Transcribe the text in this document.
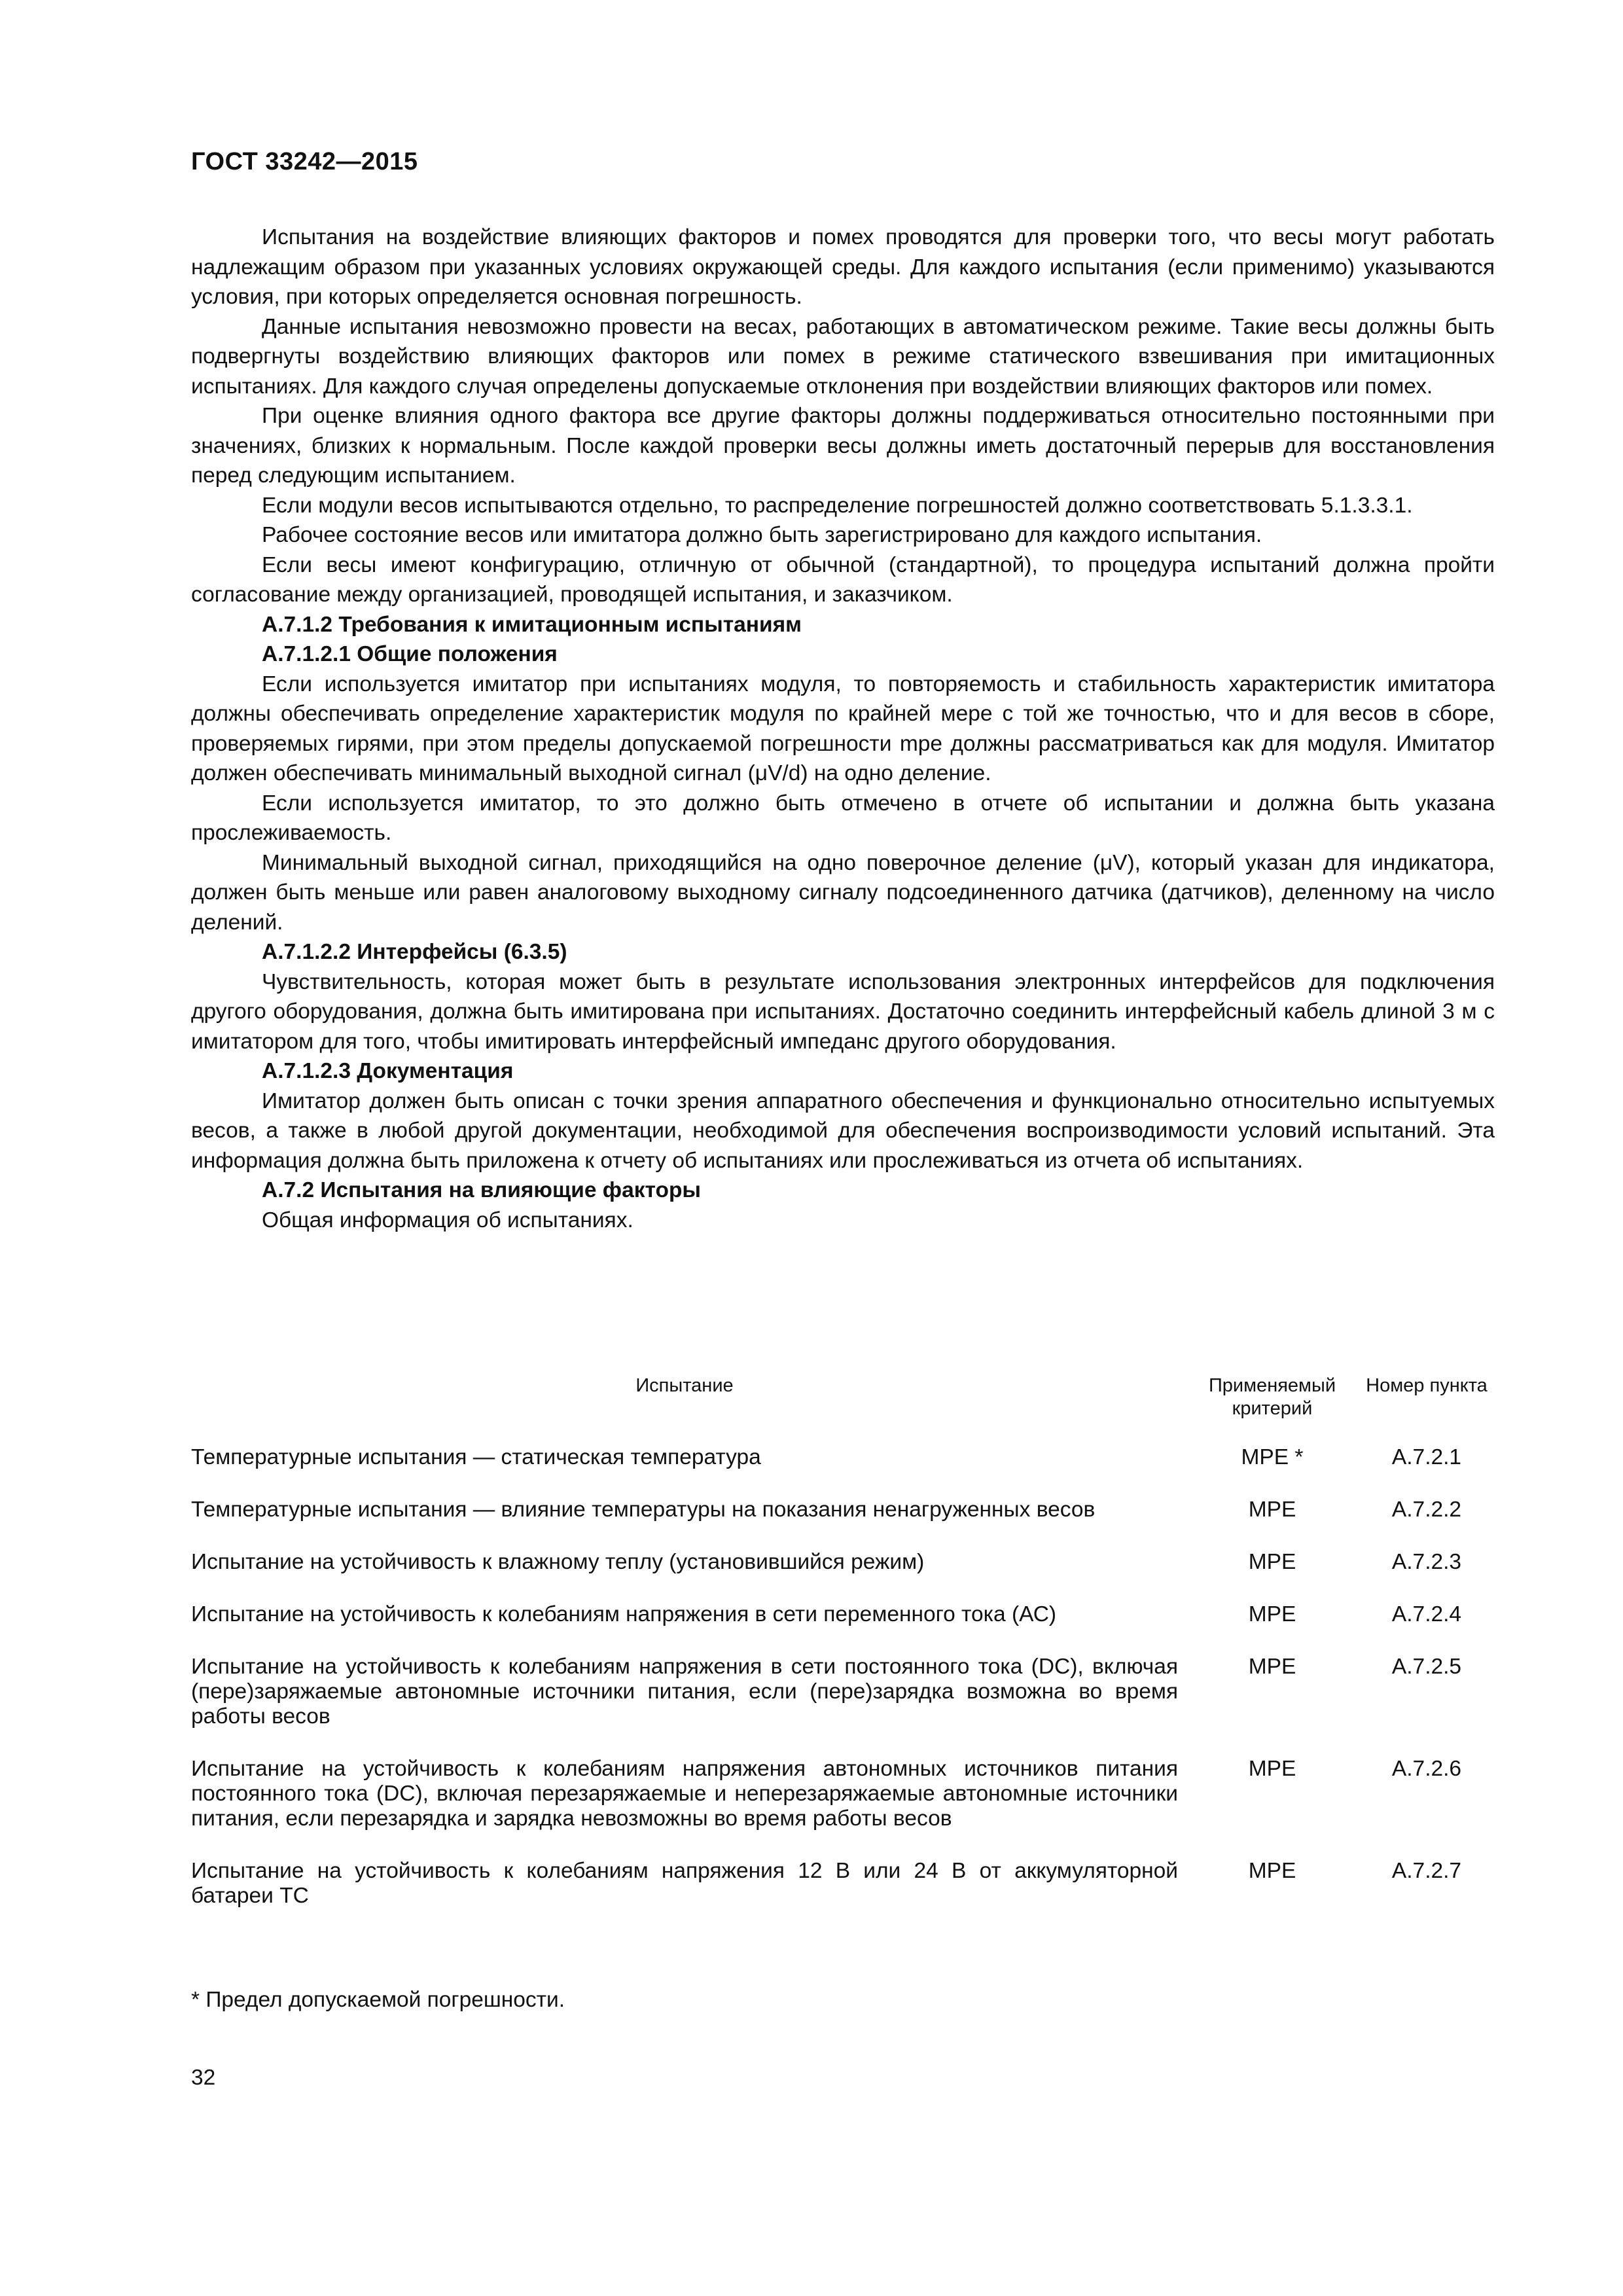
ГОСТ 33242—2015

Испытания на воздействие влияющих факторов и помех проводятся для проверки того, что весы могут работать надлежащим образом при указанных условиях окружающей среды. Для каждого испытания (если применимо) указываются условия, при которых определяется основная погрешность.

Данные испытания невозможно провести на весах, работающих в автоматическом режиме. Такие весы должны быть подвергнуты воздействию влияющих факторов или помех в режиме статического взвешивания при имитационных испытаниях. Для каждого случая определены допускаемые отклонения при воздействии влияющих факторов или помех.

При оценке влияния одного фактора все другие факторы должны поддерживаться относительно постоянными при значениях, близких к нормальным. После каждой проверки весы должны иметь достаточный перерыв для восстановления перед следующим испытанием.

Если модули весов испытываются отдельно, то распределение погрешностей должно соответствовать 5.1.3.3.1.

Рабочее состояние весов или имитатора должно быть зарегистрировано для каждого испытания.

Если весы имеют конфигурацию, отличную от обычной (стандартной), то процедура испытаний должна пройти согласование между организацией, проводящей испытания, и заказчиком.

А.7.1.2 Требования к имитационным испытаниям
А.7.1.2.1 Общие положения

Если используется имитатор при испытаниях модуля, то повторяемость и стабильность характеристик имитатора должны обеспечивать определение характеристик модуля по крайней мере с той же точностью, что и для весов в сборе, проверяемых гирями, при этом пределы допускаемой погрешности mpe должны рассматриваться как для модуля. Имитатор должен обеспечивать минимальный выходной сигнал (μV/d) на одно деление.

Если используется имитатор, то это должно быть отмечено в отчете об испытании и должна быть указана прослеживаемость.

Минимальный выходной сигнал, приходящийся на одно поверочное деление (μV), который указан для индикатора, должен быть меньше или равен аналоговому выходному сигналу подсоединенного датчика (датчиков), деленному на число делений.

А.7.1.2.2 Интерфейсы (6.3.5)

Чувствительность, которая может быть в результате использования электронных интерфейсов для подключения другого оборудования, должна быть имитирована при испытаниях. Достаточно соединить интерфейсный кабель длиной 3 м с имитатором для того, чтобы имитировать интерфейсный импеданс другого оборудования.

А.7.1.2.3 Документация

Имитатор должен быть описан с точки зрения аппаратного обеспечения и функционально относительно испытуемых весов, а также в любой другой документации, необходимой для обеспечения воспроизводимости условий испытаний. Эта информация должна быть приложена к отчету об испытаниях или прослеживаться из отчета об испытаниях.

А.7.2 Испытания на влияющие факторы

Общая информация об испытаниях.

Испытание	Применяемый критерий	Номер пункта
Температурные испытания — статическая температура	MPE *	А.7.2.1
Температурные испытания — влияние температуры на показания ненагруженных весов	MPE	А.7.2.2
Испытание на устойчивость к влажному теплу (установившийся режим)	MPE	А.7.2.3
Испытание на устойчивость к колебаниям напряжения в сети переменного тока (АС)	MPE	А.7.2.4
Испытание на устойчивость к колебаниям напряжения в сети постоянного тока (DC), включая (пере)заряжаемые автономные источники питания, если (пере)зарядка возможна во время работы весов	MPE	А.7.2.5
Испытание на устойчивость к колебаниям напряжения автономных источников питания постоянного тока (DC), включая перезаряжаемые и неперезаряжаемые автономные источники питания, если перезарядка и зарядка невозможны во время работы весов	MPE	А.7.2.6
Испытание на устойчивость к колебаниям напряжения 12 В или 24 В от аккумуляторной батареи ТС	MPE	А.7.2.7
* Предел допускаемой погрешности.
32
